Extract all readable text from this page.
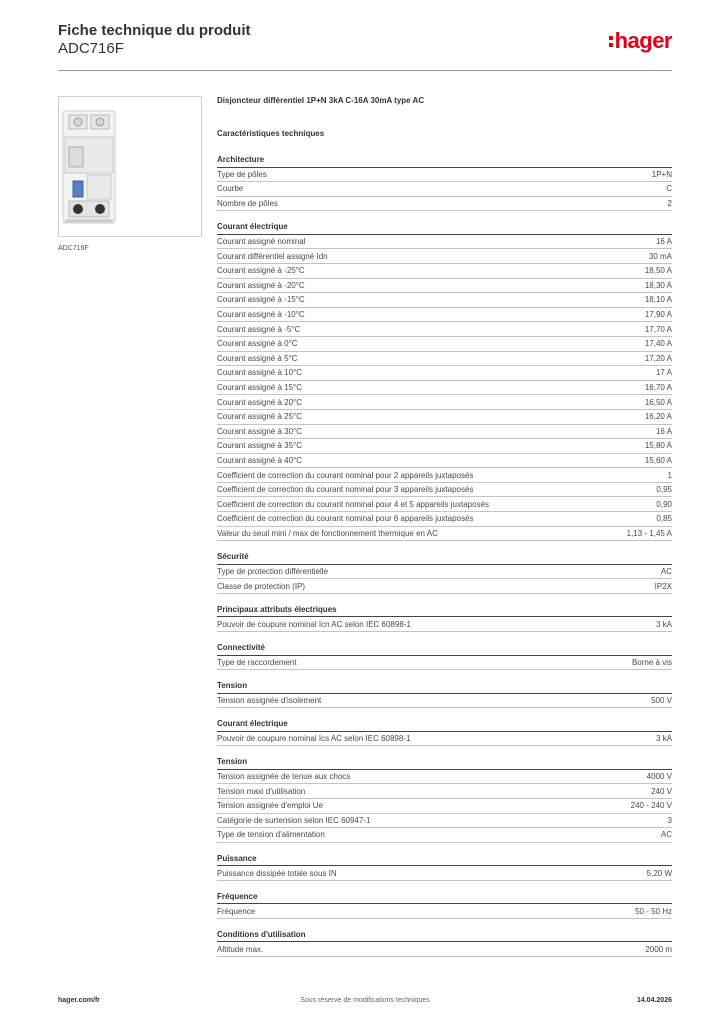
Fiche technique du produit
ADC716F	hager
ADC716F
Disjoncteur différentiel 1P+N 3kA C-16A 30mA type AC
Caractéristiques techniques
Architecture
Type de pôles	1P+N
Courbe	C
Nombre de pôles	2
Courant électrique
Courant assigné nominal	16 A
Courant différentiel assigné Idn	30 mA
Courant assigné à -25°C	18,50 A
Courant assigné à -20°C	18,30 A
Courant assigné à -15°C	18,10 A
Courant assigné à -10°C	17,90 A
Courant assigné à -5°C	17,70 A
Courant assigné à 0°C	17,40 A
Courant assigné à 5°C	17,20 A
Courant assigné à 10°C	17 A
Courant assigné à 15°C	16,70 A
Courant assigné à 20°C	16,50 A
Courant assigné à 25°C	16,20 A
Courant assigné à 30°C	16 A
Courant assigné à 35°C	15,80 A
Courant assigné à 40°C	15,60 A
Coefficient de correction du courant nominal pour 2 appareils juxtaposés	1
Coefficient de correction du courant nominal pour 3 appareils juxtaposés	0,95
Coefficient de correction du courant nominal pour 4 et 5 appareils juxtaposés	0,90
Coefficient de correction du courant nominal pour 6 appareils juxtaposés	0,85
Valeur du seuil mini / max de fonctionnement thermique en AC	1,13 - 1,45 A
Sécurité
Type de protection différentielle	AC
Classe de protection (IP)	IP2X
Principaux attributs électriques
Pouvoir de coupure nominal Icn AC selon IEC 60898-1	3 kA
Connectivité
Type de raccordement	Borne à vis
Tension
Tension assignée d'isolement	500 V
Courant électrique
Pouvoir de coupure nominal Ics AC selon IEC 60898-1	3 kA
Tension
Tension assignée de tenue aux chocs	4000 V
Tension maxi d'utilisation	240 V
Tension assignée d'emploi Ue	240 - 240 V
Catégorie de surtension selon IEC 60947-1	3
Type de tension d'alimentation	AC
Puissance
Puissance dissipée totale sous IN	5,20 W
Fréquence
Fréquence	50 - 50 Hz
Conditions d'utilisation
Altitude max.	2000 m
hager.com/fr	Sous réserve de modifications techniques	14.04.2026
